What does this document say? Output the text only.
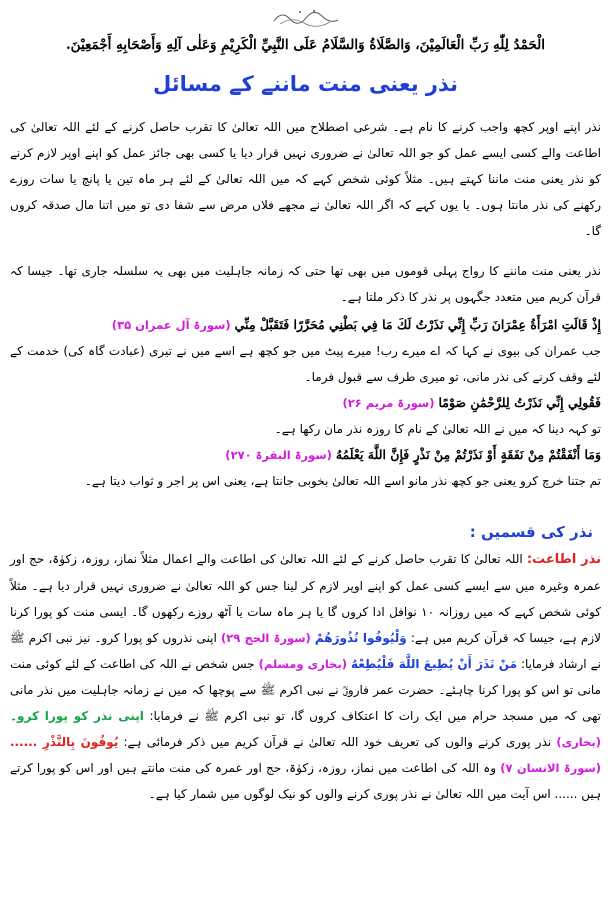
الْحَمْدُ لِلّٰهِ رَبِّ الْعَالَمِيْنَ، وَالصَّلَاةُ وَالسَّلَامُ عَلَى النَّبِيِّ الْكَرِيْمِ وَعَلٰى آلِهِ وَأَصْحَابِهِ أَجْمَعِيْنَ.
نذر یعنی منت ماننے کے مسائل
نذر اپنے اوپر کچھ واجب کرنے کا نام ہے۔ شرعی اصطلاح میں اللہ تعالیٰ کا تقرب حاصل کرنے کے لئے اللہ تعالیٰ کی اطاعت والے کسی ایسے عمل کو جو اللہ تعالیٰ نے ضروری نہیں قرار دیا یا کسی بھی جائز عمل کو اپنے اوپر لازم کرنے کو نذر یعنی منت ماننا کہتے ہیں۔ مثلاً کوئی شخص کہے کہ میں اللہ تعالیٰ کے لئے ہر ماہ تین یا پانچ یا سات روزے رکھنے کی نذر مانتا ہوں۔ یا یوں کہے کہ اگر اللہ تعالیٰ نے مجھے فلاں مرض سے شفا دی تو میں اتنا مال صدقہ کروں گا۔
نذر یعنی منت ماننے کا رواج پہلی قوموں میں بھی تھا حتی کہ زمانہ جاہلیت میں بھی یہ سلسلہ جاری تھا۔ جیسا کہ قرآن کریم میں متعدد جگہوں پر نذر کا ذکر ملتا ہے۔
إِذْ قَالَتِ امْرَأَةُ عِمْرَانَ رَبِّ إِنِّي نَذَرْتُ لَكَ مَا فِي بَطْنِي مُحَرَّرًا فَتَقَبَّلْ مِنِّي (سورۃ آل عمران ۳۵)
جب عمران کی بیوی نے کہا کہ اے میرے رب! میرے پیٹ میں جو کچھ ہے اسے میں نے تیری (عبادت گاہ کی) خدمت کے لئے وقف کرنے کی نذر مانی، تو میری طرف سے قبول فرما۔
فَقُولِي إِنِّي نَذَرْتُ لِلرَّحْمَٰنِ صَوْمًا (سورۃ مریم ۲۶)
تو کہہ دینا کہ میں نے اللہ تعالیٰ کے نام کا روزہ نذر مان رکھا ہے۔
وَمَا أَنْفَقْتُمْ مِنْ نَفَقَةٍ أَوْ نَذَرْتُمْ مِنْ نَذْرٍ فَإِنَّ اللَّهَ يَعْلَمُهُ (سورۃ البقرۃ ۲۷۰)
تم جتنا خرچ کرو یعنی جو کچھ نذر مانو اسے اللہ تعالیٰ بخوبی جانتا ہے، یعنی اس پر اجر و ثواب دیتا ہے۔
نذر کی قسمیں :
نذر اطاعت: اللہ تعالیٰ کا تقرب حاصل کرنے کے لئے اللہ تعالیٰ کی اطاعت والے اعمال مثلاً نماز، روزہ، زکوٰۃ، حج اور عمرہ وغیرہ میں سے ایسے کسی عمل کو اپنے اوپر لازم کر لینا جس کو اللہ تعالیٰ نے ضروری نہیں قرار دیا ہے۔ مثلاً کوئی شخص کہے کہ میں روزانہ ۱۰ نوافل ادا کروں گا یا ہر ماہ سات یا آٹھ روزے رکھوں گا۔ ایسی منت کو پورا کرنا لازم ہے، جیسا کہ قرآن کریم میں ہے: وَلْيُوفُوا نُذُورَهُمْ (سورۃ الحج ۲۹) اپنی نذروں کو پورا کرو۔ نیز نبی اکرم ﷺ نے ارشاد فرمایا: مَنْ نَذَرَ أَنْ يُطِيعَ اللَّهَ فَلْيُطِعْهُ (بخاری ومسلم) جس شخص نے اللہ کی اطاعت کے لئے کوئی منت مانی تو اس کو پورا کرنا چاہئے۔ حضرت عمر فاروقؓ نے نبی اکرم ﷺ سے پوچھا کہ میں نے زمانہ جاہلیت میں نذر مانی تھی کہ میں مسجد حرام میں ایک رات کا اعتکاف کروں گا، تو نبی اکرم ﷺ نے فرمایا: اپنی نذر کو پورا کرو۔ (بخاری) نذر پوری کرنے والوں کی تعریف خود اللہ تعالیٰ نے قرآن کریم میں ذکر فرمائی ہے: يُوفُونَ بِالنَّذْرِ ...... (سورۃ الانسان ۷) وہ اللہ کی اطاعت میں نماز، روزہ، زکوٰۃ، حج اور عمرہ کی منت مانتے ہیں اور اس کو پورا کرتے ہیں ...... اس آیت میں اللہ تعالیٰ نے نذر پوری کرنے والوں کو نیک لوگوں میں شمار کیا ہے۔
